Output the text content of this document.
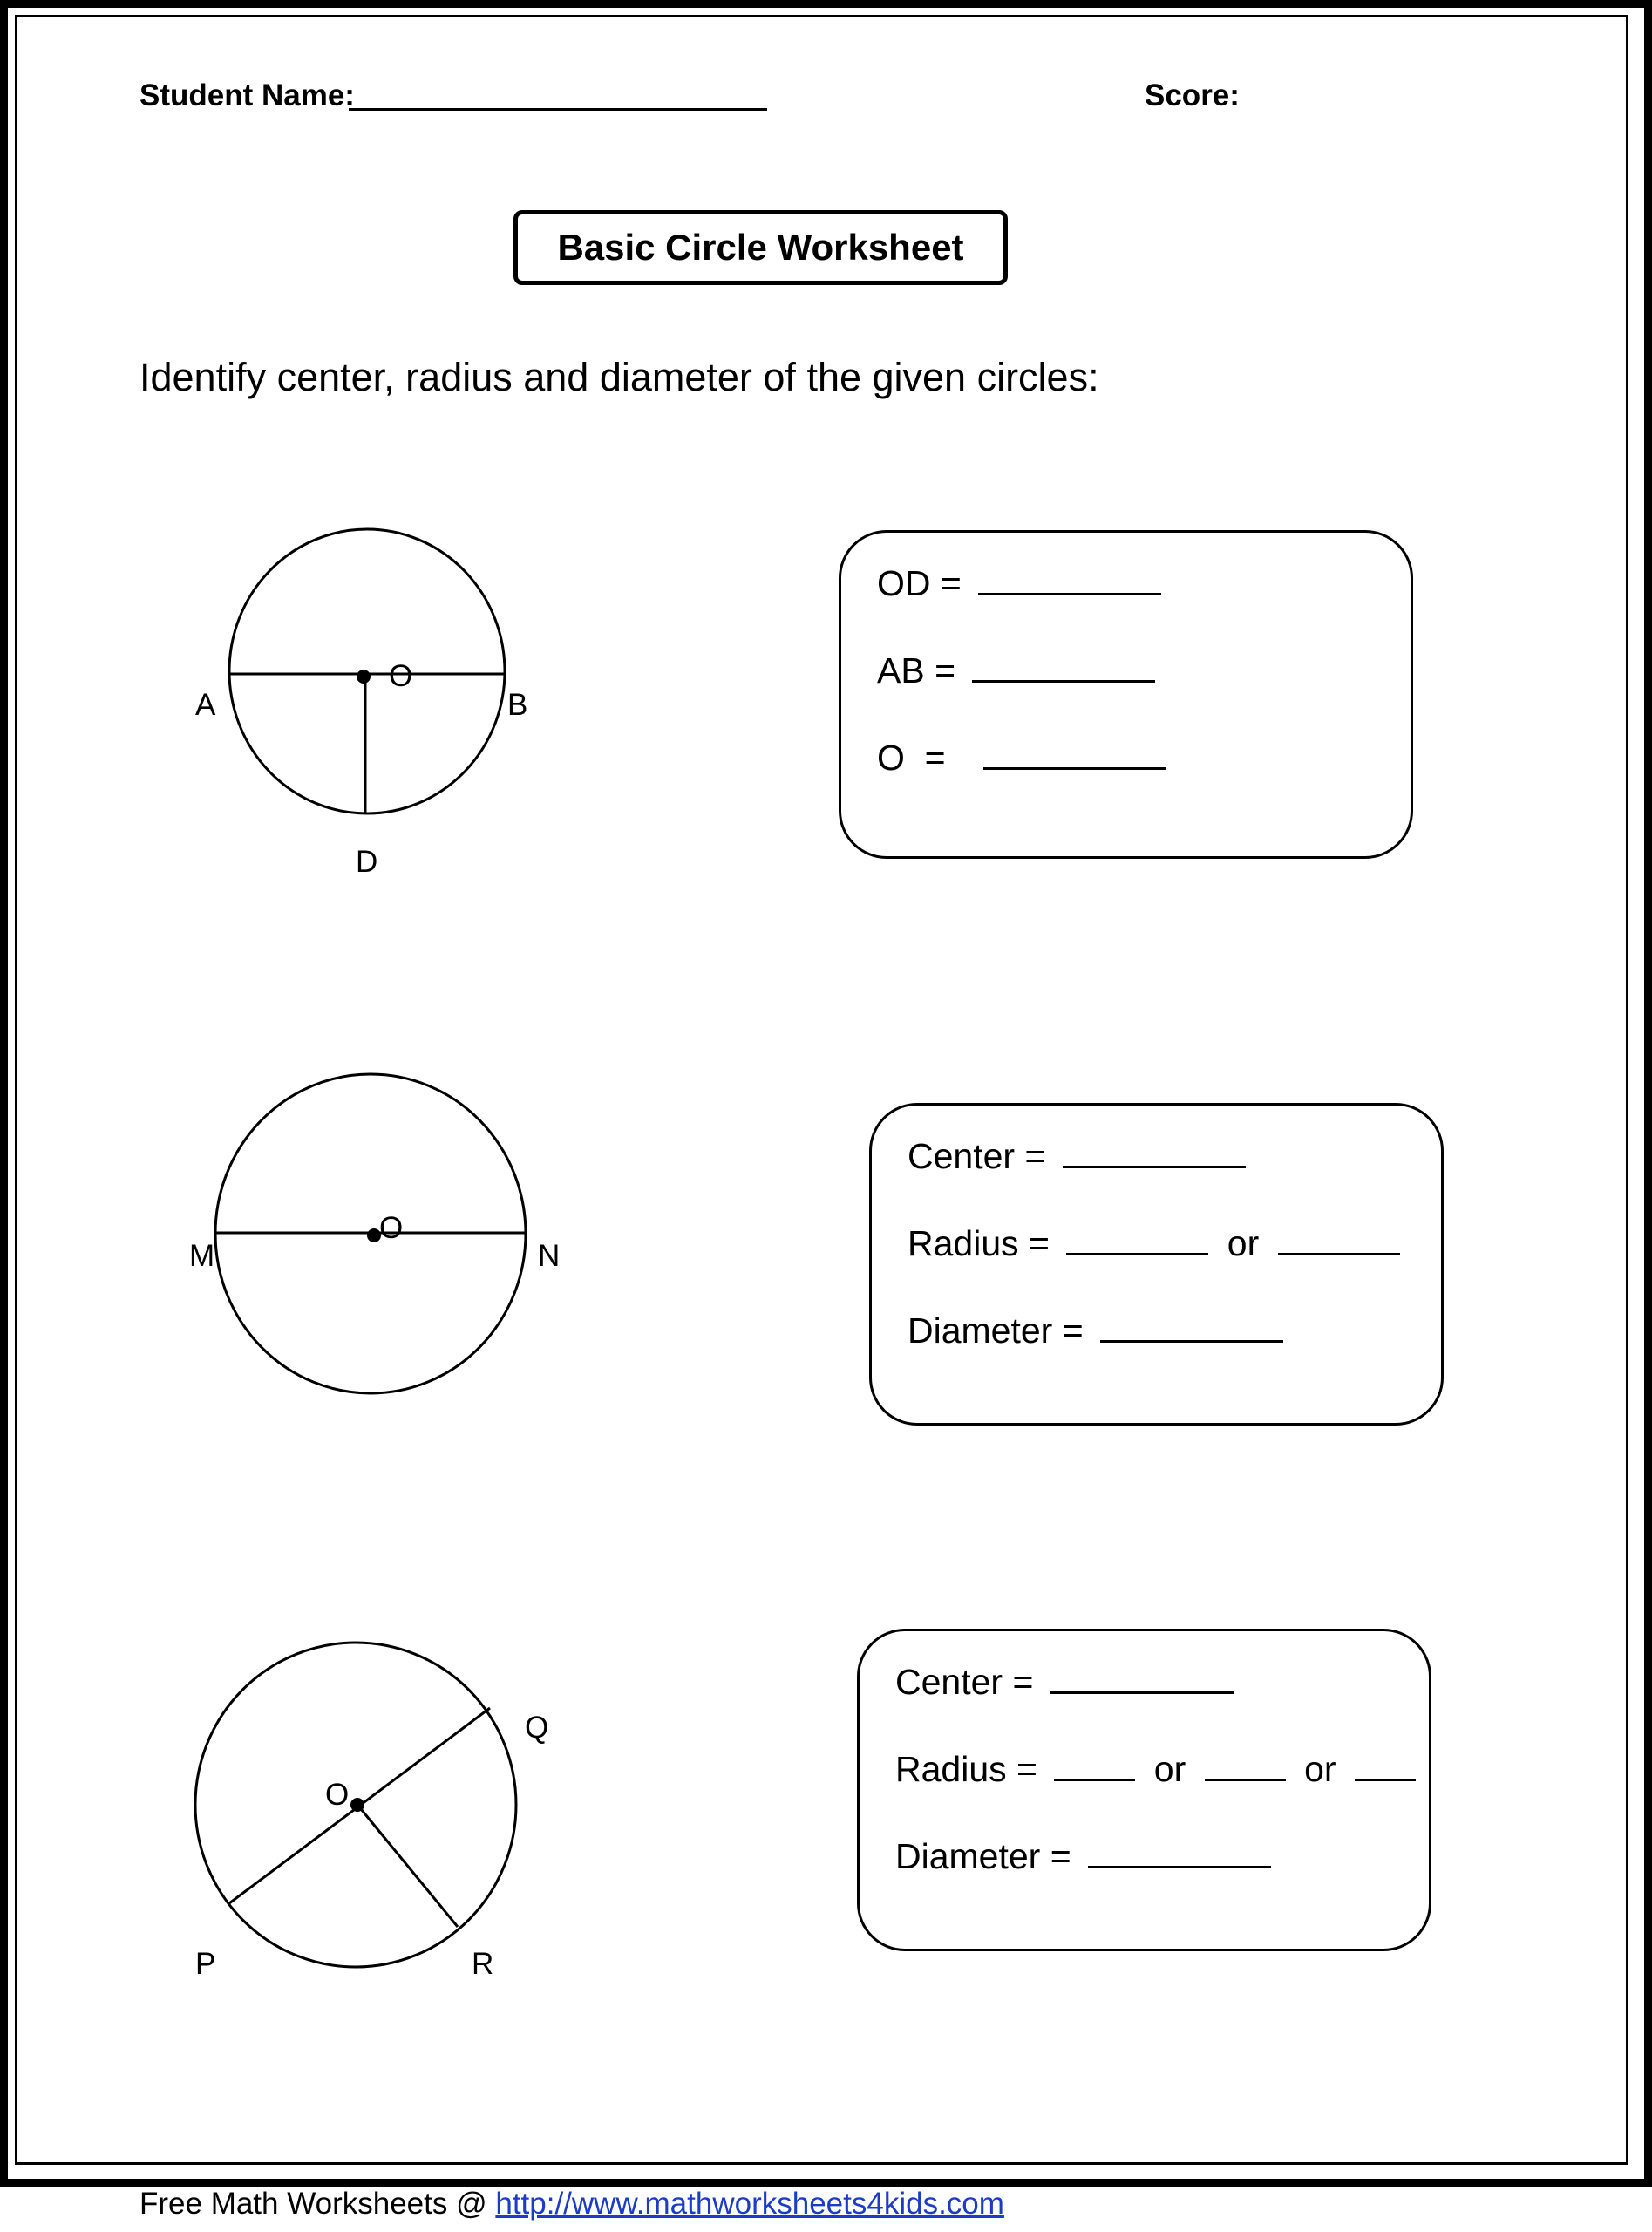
Student Name:	Score:
Basic Circle Worksheet
Identify center, radius and diameter of the given circles:
O
A	B
D
O
M	N
O
Q
P	R
OD =
AB =
O  =
Center =
Radius =	or
Diameter =
Center =
Radius =	or	or
Diameter =
Free Math Worksheets @ http://www.mathworksheets4kids.com
